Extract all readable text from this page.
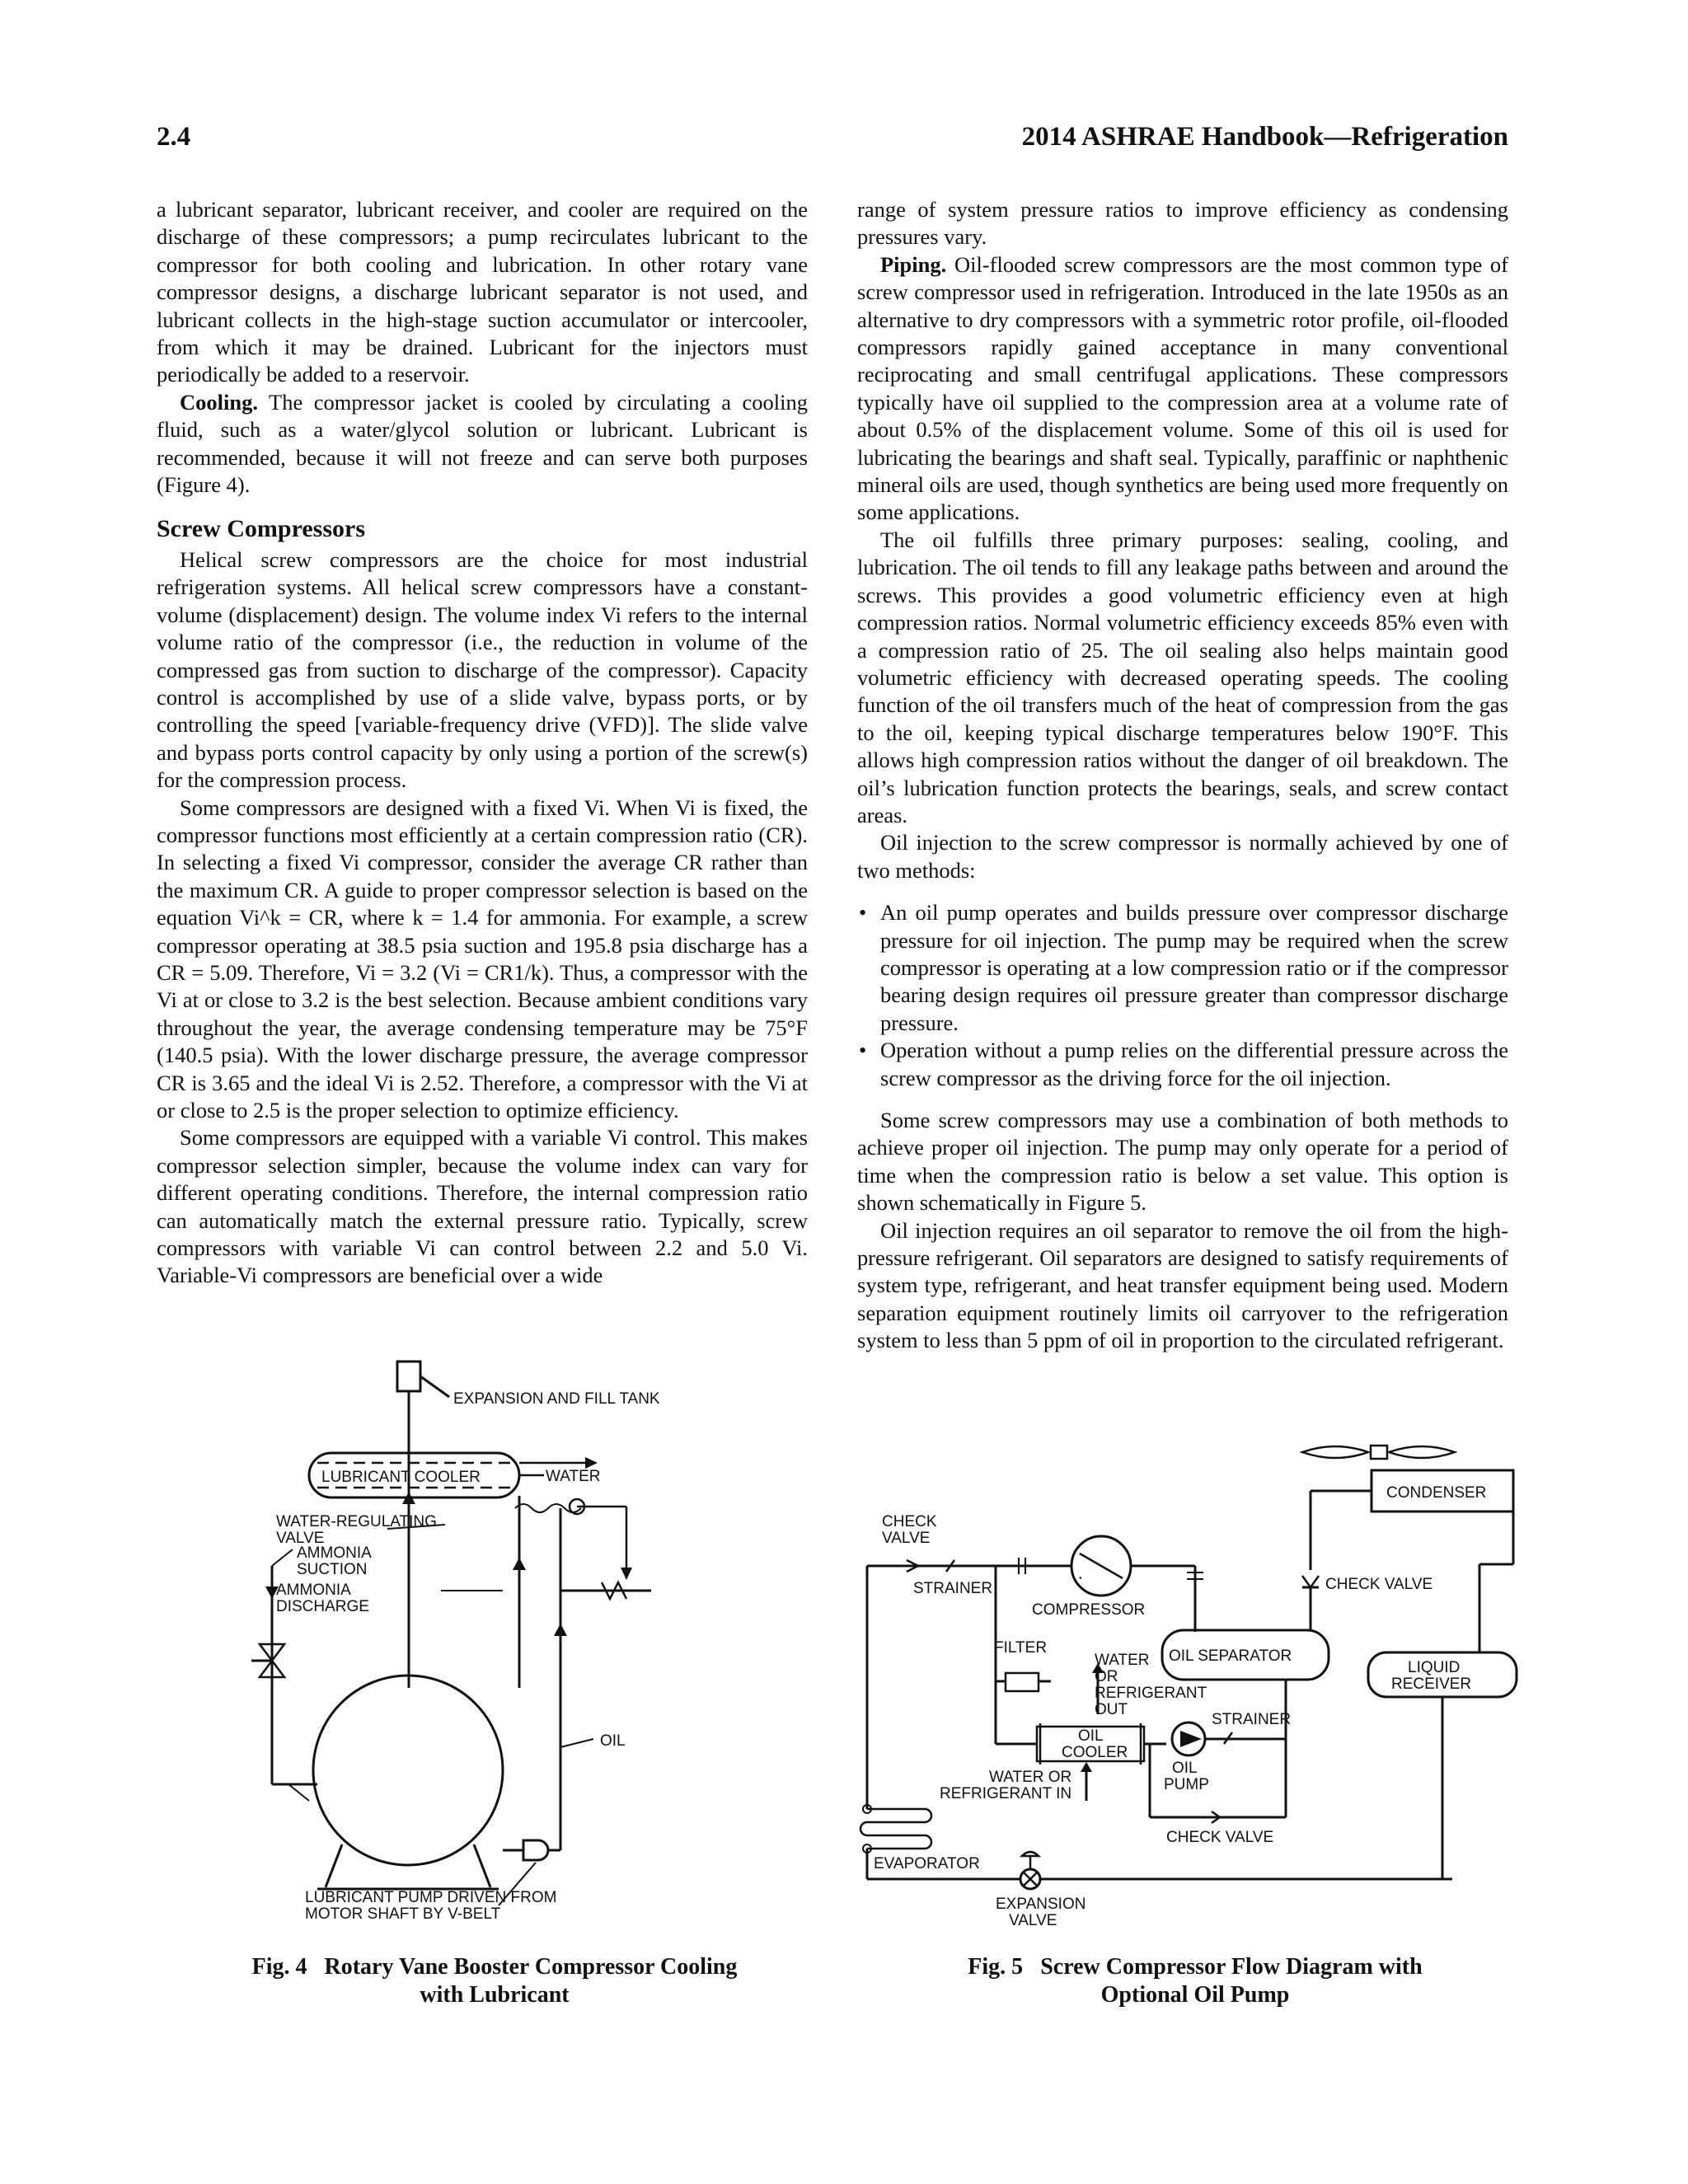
2.4	2014 ASHRAE Handbook—Refrigeration

a lubricant separator, lubricant receiver, and cooler are required on the discharge of these compressors; a pump recirculates lubricant to the compressor for both cooling and lubrication. In other rotary vane compressor designs, a discharge lubricant separator is not used, and lubricant collects in the high-stage suction accumulator or intercooler, from which it may be drained. Lubricant for the injectors must periodically be added to a reservoir.

Cooling. The compressor jacket is cooled by circulating a cooling fluid, such as a water/glycol solution or lubricant. Lubricant is recommended, because it will not freeze and can serve both purposes (Figure 4).

Screw Compressors

Helical screw compressors are the choice for most industrial refrigeration systems. All helical screw compressors have a constant-volume (displacement) design. The volume index Vi refers to the internal volume ratio of the compressor (i.e., the reduction in volume of the compressed gas from suction to discharge of the compressor). Capacity control is accomplished by use of a slide valve, bypass ports, or by controlling the speed [variable-frequency drive (VFD)]. The slide valve and bypass ports control capacity by only using a portion of the screw(s) for the compression process.

Some compressors are designed with a fixed Vi. When Vi is fixed, the compressor functions most efficiently at a certain compression ratio (CR). In selecting a fixed Vi compressor, consider the average CR rather than the maximum CR. A guide to proper compressor selection is based on the equation Vi^k = CR, where k = 1.4 for ammonia. For example, a screw compressor operating at 38.5 psia suction and 195.8 psia discharge has a CR = 5.09. Therefore, Vi = 3.2 (Vi = CR1/k). Thus, a compressor with the Vi at or close to 3.2 is the best selection. Because ambient conditions vary throughout the year, the average condensing temperature may be 75°F (140.5 psia). With the lower discharge pressure, the average compressor CR is 3.65 and the ideal Vi is 2.52. Therefore, a compressor with the Vi at or close to 2.5 is the proper selection to optimize efficiency.

Some compressors are equipped with a variable Vi control. This makes compressor selection simpler, because the volume index can vary for different operating conditions. Therefore, the internal compression ratio can automatically match the external pressure ratio. Typically, screw compressors with variable Vi can control between 2.2 and 5.0 Vi. Variable-Vi compressors are beneficial over a wide

range of system pressure ratios to improve efficiency as condensing pressures vary.

Piping. Oil-flooded screw compressors are the most common type of screw compressor used in refrigeration. Introduced in the late 1950s as an alternative to dry compressors with a symmetric rotor profile, oil-flooded compressors rapidly gained acceptance in many conventional reciprocating and small centrifugal applications. These compressors typically have oil supplied to the compression area at a volume rate of about 0.5% of the displacement volume. Some of this oil is used for lubricating the bearings and shaft seal. Typically, paraffinic or naphthenic mineral oils are used, though synthetics are being used more frequently on some applications.

The oil fulfills three primary purposes: sealing, cooling, and lubrication. The oil tends to fill any leakage paths between and around the screws. This provides a good volumetric efficiency even at high compression ratios. Normal volumetric efficiency exceeds 85% even with a compression ratio of 25. The oil sealing also helps maintain good volumetric efficiency with decreased operating speeds. The cooling function of the oil transfers much of the heat of compression from the gas to the oil, keeping typical discharge temperatures below 190°F. This allows high compression ratios without the danger of oil breakdown. The oil’s lubrication function protects the bearings, seals, and screw contact areas.

Oil injection to the screw compressor is normally achieved by one of two methods:

• An oil pump operates and builds pressure over compressor discharge pressure for oil injection. The pump may be required when the screw compressor is operating at a low compression ratio or if the compressor bearing design requires oil pressure greater than compressor discharge pressure.
• Operation without a pump relies on the differential pressure across the screw compressor as the driving force for the oil injection.

Some screw compressors may use a combination of both methods to achieve proper oil injection. The pump may only operate for a period of time when the compression ratio is below a set value. This option is shown schematically in Figure 5.

Oil injection requires an oil separator to remove the oil from the high-pressure refrigerant. Oil separators are designed to satisfy requirements of system type, refrigerant, and heat transfer equipment being used. Modern separation equipment routinely limits oil carryover to the refrigeration system to less than 5 ppm of oil in proportion to the circulated refrigerant.

EXPANSION AND FILL TANK
LUBRICANT COOLER	WATER
WATER-REGULATING
VALVE
AMMONIA
DISCHARGE
OIL
AMMONIA
SUCTION
LUBRICANT PUMP DRIVEN FROM
MOTOR SHAFT BY V-BELT
Fig. 4 Rotary Vane Booster Compressor Cooling
with Lubricant
CONDENSER
CHECK VALVE
LIQUID
RECEIVER
COMPRESSOR
CHECK
VALVE
STRAINER
OIL SEPARATOR
FILTER
WATER
OR
REFRIGERANT
OUT
OIL
COOLER
STRAINER
OIL
PUMP
CHECK VALVE
WATER OR
REFRIGERANT IN
EVAPORATOR
EXPANSION
VALVE
Fig. 5 Screw Compressor Flow Diagram with
Optional Oil Pump
